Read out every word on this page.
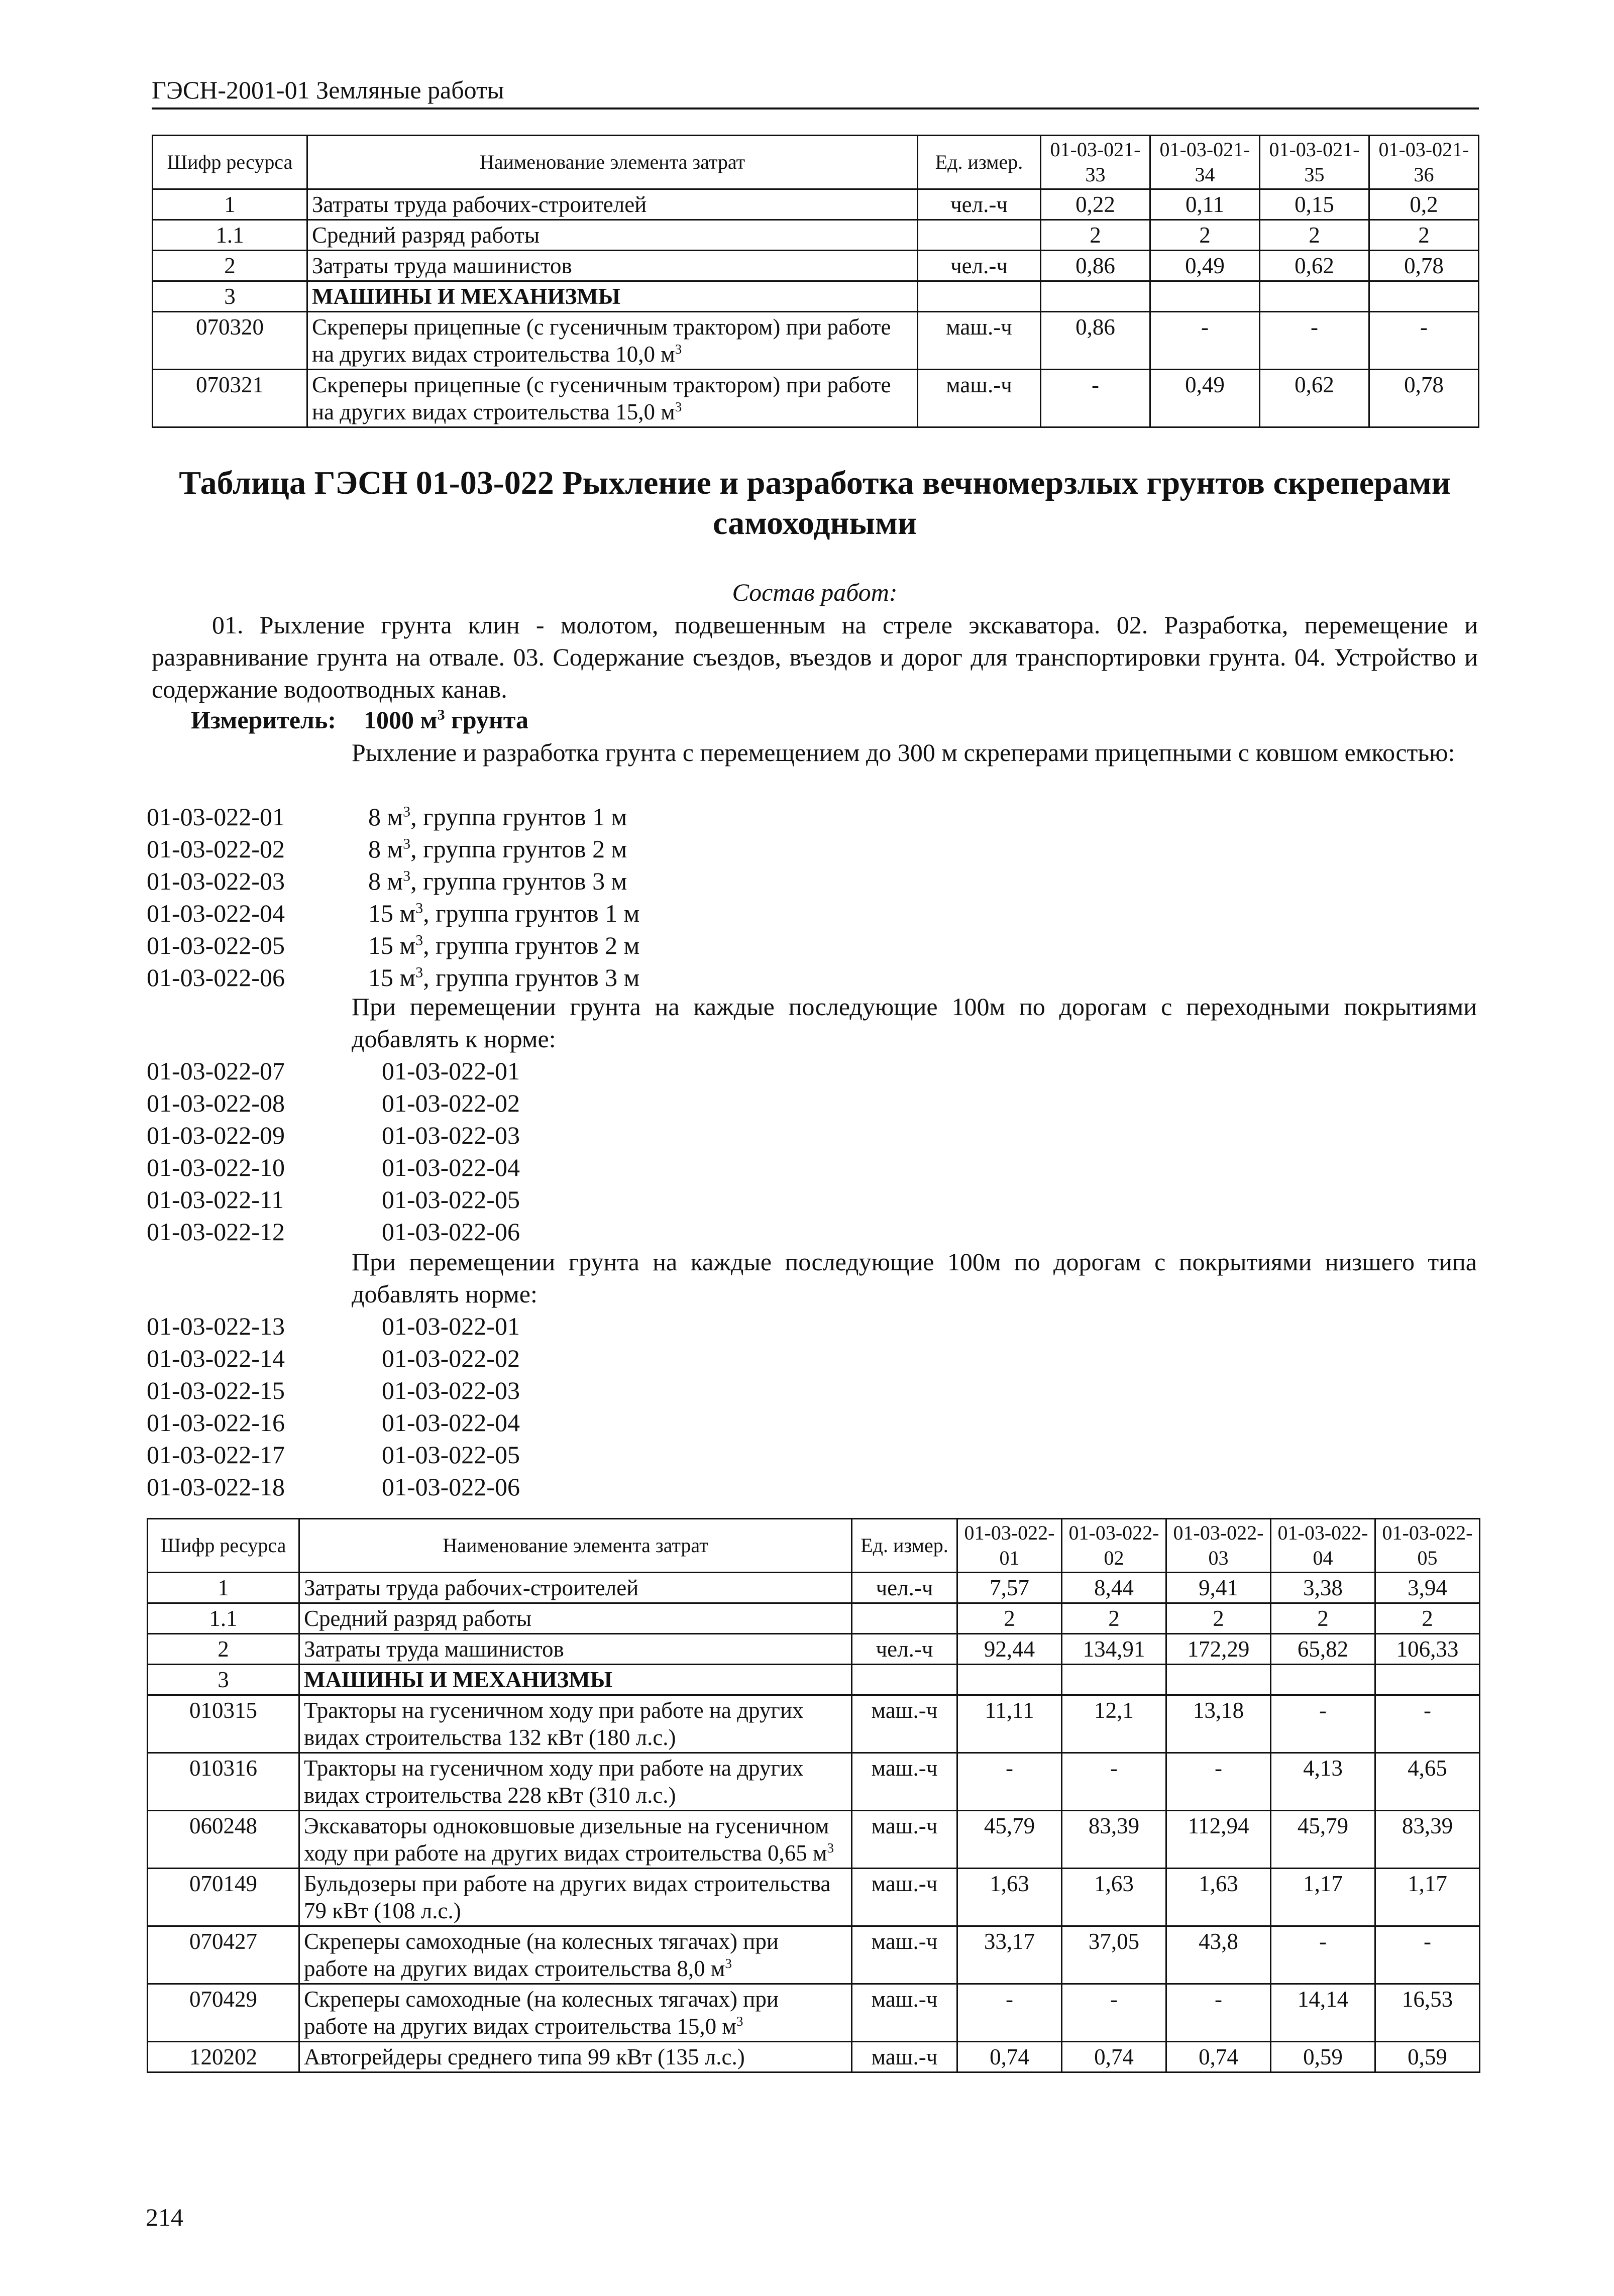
ГЭСН-2001-01 Земляные работы
Шифр ресурса	Наименование элемента затрат	Ед. измер.	01-03-021-33	01-03-021-34	01-03-021-35	01-03-021-36
1	Затраты труда рабочих-строителей	чел.-ч	0,22	0,11	0,15	0,2
1.1	Средний разряд работы		2	2	2	2
2	Затраты труда машинистов	чел.-ч	0,86	0,49	0,62	0,78
3	МАШИНЫ И МЕХАНИЗМЫ					
070320	Скреперы прицепные (с гусеничным трактором) при работе на других видах строительства 10,0 $м^3$	маш.-ч	0,86	-	-	-
070321	Скреперы прицепные (с гусеничным трактором) при работе на других видах строительства 15,0 $м^3$	маш.-ч	-	0,49	0,62	0,78
Таблица ГЭСН 01-03-022 Рыхление и разработка вечномерзлых грунтов скреперами
самоходными
Состав работ:
01. Рыхление грунта клин - молотом, подвешенным на стреле экскаватора. 02. Разработка, перемещение и разравнивание грунта на отвале. 03. Содержание съездов, въездов и дорог для транспортировки грунта. 04. Устройство и содержание водоотводных канав.
Измеритель: 1000 $м^3$ грунта
Рыхление и разработка грунта с перемещением до 300 м скреперами прицепными с ковшом емкостью:
01-03-022-01	8 $м^3$, группа грунтов 1 м
01-03-022-02	8 $м^3$, группа грунтов 2 м
01-03-022-03	8 $м^3$, группа грунтов 3 м
01-03-022-04	15 $м^3$, группа грунтов 1 м
01-03-022-05	15 $м^3$, группа грунтов 2 м
01-03-022-06	15 $м^3$, группа грунтов 3 м
При перемещении грунта на каждые последующие 100м по дорогам с переходными покрытиями добавлять к норме:
01-03-022-07	01-03-022-01
01-03-022-08	01-03-022-02
01-03-022-09	01-03-022-03
01-03-022-10	01-03-022-04
01-03-022-11	01-03-022-05
01-03-022-12	01-03-022-06
При перемещении грунта на каждые последующие 100м по дорогам с покрытиями низшего типа добавлять норме:
01-03-022-13	01-03-022-01
01-03-022-14	01-03-022-02
01-03-022-15	01-03-022-03
01-03-022-16	01-03-022-04
01-03-022-17	01-03-022-05
01-03-022-18	01-03-022-06
Шифр ресурса	Наименование элемента затрат	Ед. измер.	01-03-022-01	01-03-022-02	01-03-022-03	01-03-022-04	01-03-022-05
1	Затраты труда рабочих-строителей	чел.-ч	7,57	8,44	9,41	3,38	3,94
1.1	Средний разряд работы		2	2	2	2	2
2	Затраты труда машинистов	чел.-ч	92,44	134,91	172,29	65,82	106,33
3	МАШИНЫ И МЕХАНИЗМЫ						
010315	Тракторы на гусеничном ходу при работе на других видах строительства 132 кВт (180 л.с.)	маш.-ч	11,11	12,1	13,18	-	-
010316	Тракторы на гусеничном ходу при работе на других видах строительства 228 кВт (310 л.с.)	маш.-ч	-	-	-	4,13	4,65
060248	Экскаваторы одноковшовые дизельные на гусеничном ходу при работе на других видах строительства 0,65 $м^3$	маш.-ч	45,79	83,39	112,94	45,79	83,39
070149	Бульдозеры при работе на других видах строительства 79 кВт (108 л.с.)	маш.-ч	1,63	1,63	1,63	1,17	1,17
070427	Скреперы самоходные (на колесных тягачах) при работе на других видах строительства 8,0 $м^3$	маш.-ч	33,17	37,05	43,8	-	-
070429	Скреперы самоходные (на колесных тягачах) при работе на других видах строительства 15,0 $м^3$	маш.-ч	-	-	-	14,14	16,53
120202	Автогрейдеры среднего типа 99 кВт (135 л.с.)	маш.-ч	0,74	0,74	0,74	0,59	0,59
214
